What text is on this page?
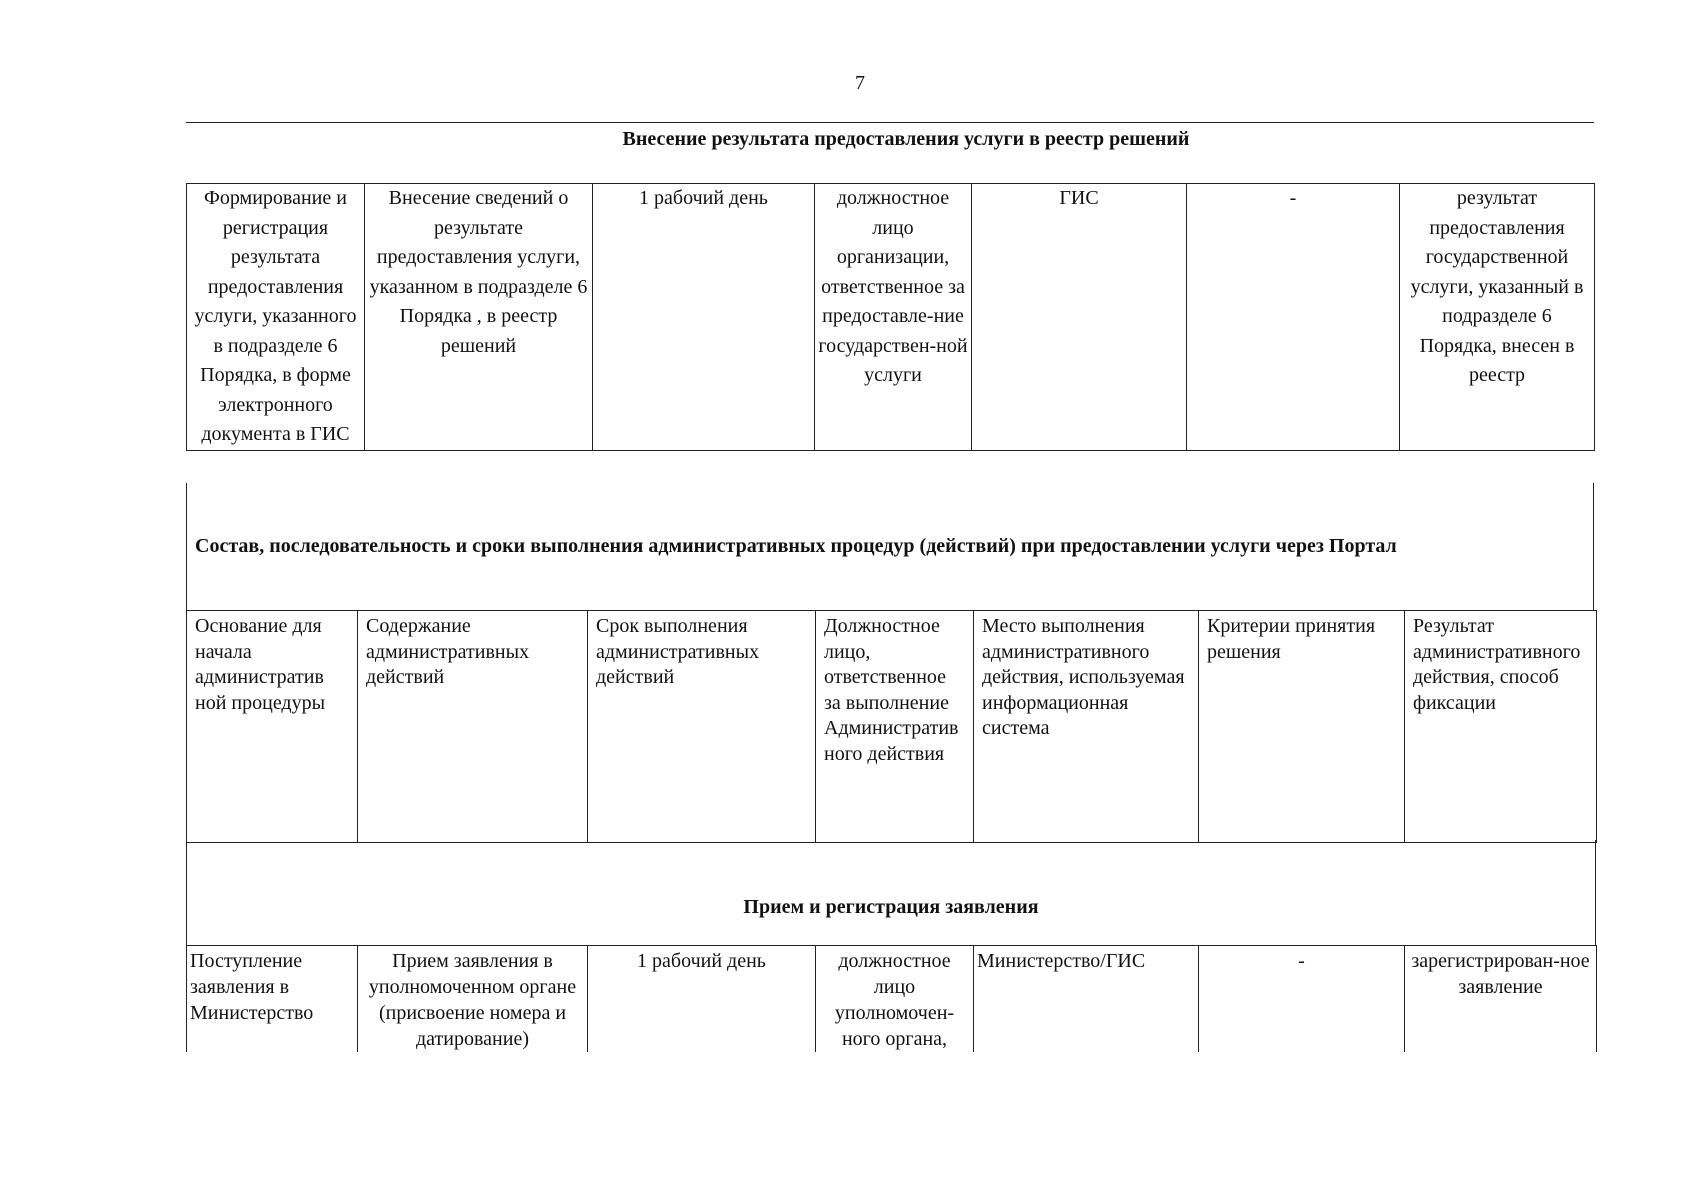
7
Внесение результата предоставления услуги в реестр решений
Формирование и регистрация результата предоставления услуги, указанного в подразделе 6 Порядка, в форме электронного документа в ГИС	Внесение сведений о результате предоставления услуги, указанном в подразделе 6 Порядка , в реестр решений	1 рабочий день	должностное лицо организации, ответственное за предоставле-ние государствен-ной услуги	ГИС	-	результат предоставления государственной услуги, указанный в подразделе 6 Порядка, внесен в реестр
Состав, последовательность и сроки выполнения административных процедур (действий) при предоставлении услуги через Портал
Основание для начала административ ной процедуры	Содержание административных действий	Срок выполнения административных действий	Должностное лицо, ответственное за выполнение Административ ного действия	Место выполнения административного действия, используемая информационная система	Критерии принятия решения	Результат административного действия, способ фиксации
Прием и регистрация заявления
Поступление заявления в Министерство	Прием заявления в уполномоченном органе (присвоение номера и датирование)	1 рабочий день	должностное лицо уполномочен-ного органа,	Министерство/ГИС	-	зарегистрирован-ное заявление
